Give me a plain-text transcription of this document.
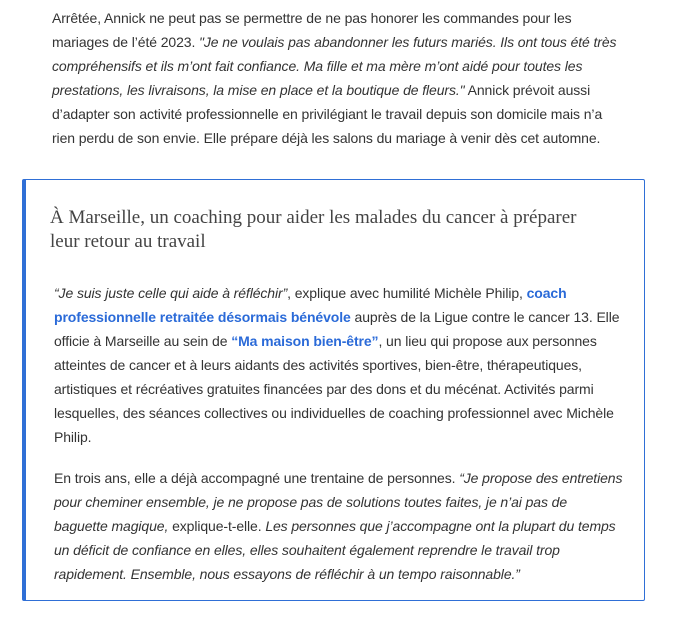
Arrêtée, Annick ne peut pas se permettre de ne pas honorer les commandes pour les mariages de l’été 2023. "Je ne voulais pas abandonner les futurs mariés. Ils ont tous été très compréhensifs et ils m’ont fait confiance. Ma fille et ma mère m’ont aidé pour toutes les prestations, les livraisons, la mise en place et la boutique de fleurs." Annick prévoit aussi d’adapter son activité professionnelle en privilégiant le travail depuis son domicile mais n’a rien perdu de son envie. Elle prépare déjà les salons du mariage à venir dès cet automne.

À Marseille, un coaching pour aider les malades du cancer à préparer leur retour au travail

“Je suis juste celle qui aide à réfléchir”, explique avec humilité Michèle Philip, coach professionnelle retraitée désormais bénévole auprès de la Ligue contre le cancer 13. Elle officie à Marseille au sein de “Ma maison bien-être”, un lieu qui propose aux personnes atteintes de cancer et à leurs aidants des activités sportives, bien-être, thérapeutiques, artistiques et récréatives gratuites financées par des dons et du mécénat. Activités parmi lesquelles, des séances collectives ou individuelles de coaching professionnel avec Michèle Philip.

En trois ans, elle a déjà accompagné une trentaine de personnes. “Je propose des entretiens pour cheminer ensemble, je ne propose pas de solutions toutes faites, je n’ai pas de baguette magique, explique-t-elle. Les personnes que j’accompagne ont la plupart du temps un déficit de confiance en elles, elles souhaitent également reprendre le travail trop rapidement. Ensemble, nous essayons de réfléchir à un tempo raisonnable.”
